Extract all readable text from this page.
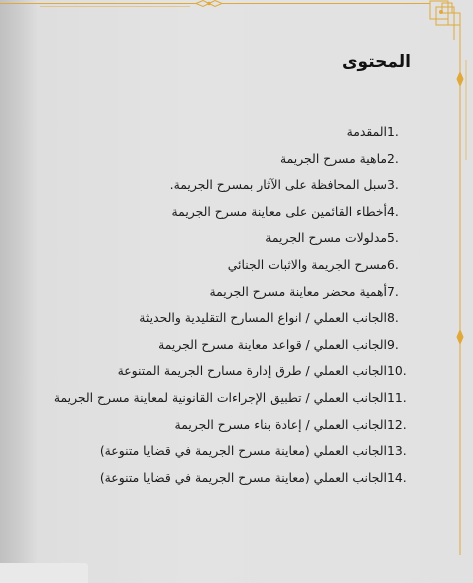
المحتوى
1.
المقدمة
2.
ماهية مسرح الجريمة
3.
سبل المحافظة على الآثار بمسرح الجريمة.
4.
أخطاء القائمين على معاينة مسرح الجريمة
5.
مدلولات مسرح الجريمة
6.
مسرح الجريمة والاثبات الجنائي
7.
أهمية محضر معاينة مسرح الجريمة
8.
الجانب العملي / انواع المسارح التقليدية والحديثة
9.
الجانب العملي / قواعد معاينة مسرح الجريمة
10.
الجانب العملي / طرق إدارة مسارح الجريمة المتنوعة
11.
الجانب العملي / تطبيق الإجراءات القانونية لمعاينة مسرح الجريمة
12.
الجانب العملي / إعادة بناء مسرح الجريمة
13.
الجانب العملي (معاينة مسرح الجريمة في قضايا متنوعة)
14.
الجانب العملي (معاينة مسرح الجريمة في قضايا متنوعة)
